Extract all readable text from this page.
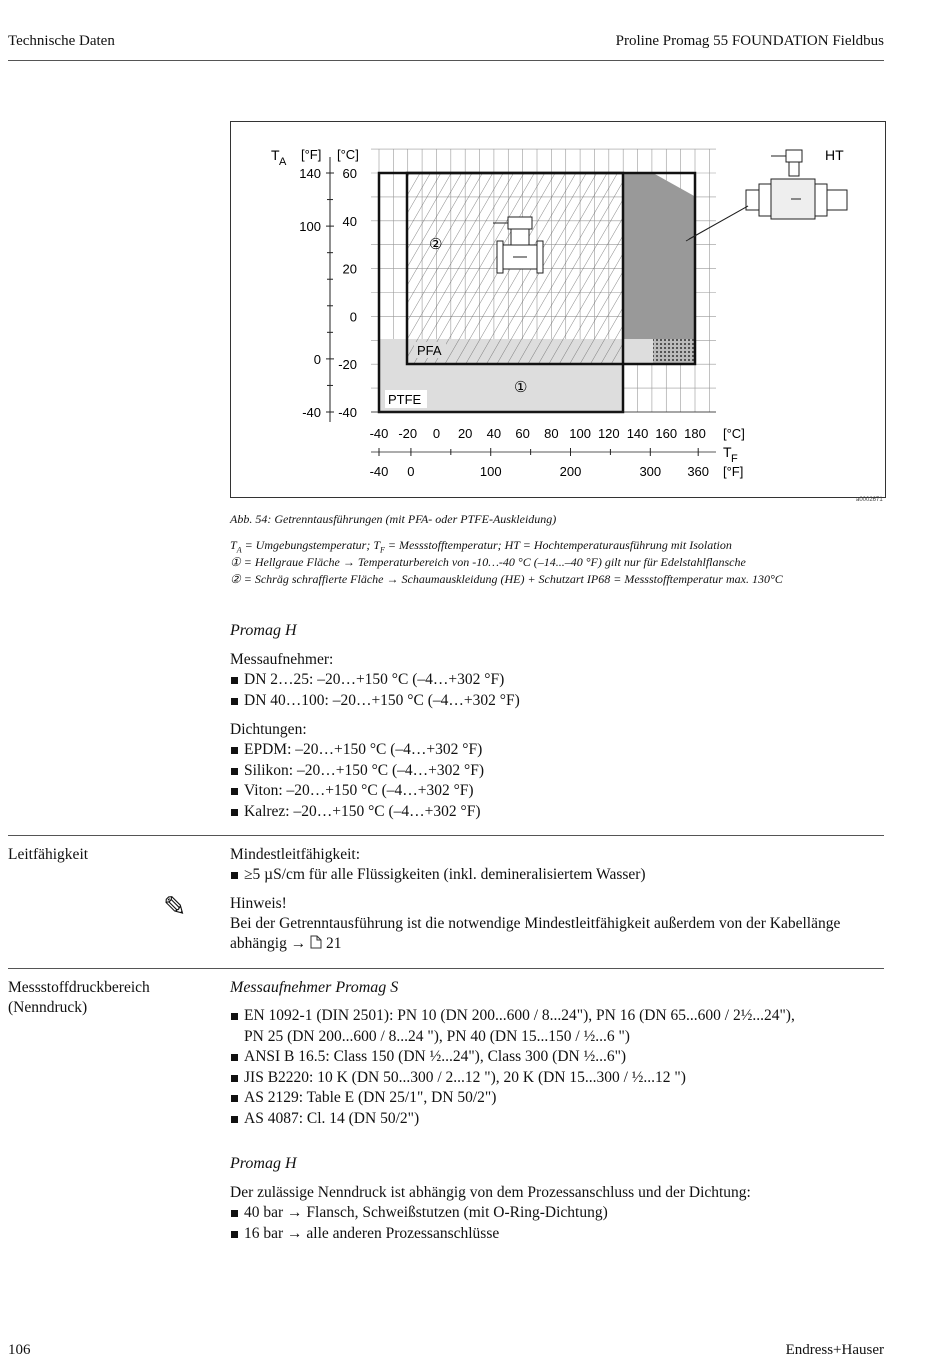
Technische Daten	Proline Promag 55 FOUNDATION Fieldbus
T A [°F] [°C]
140
100
0
-40
60
40
20
0
-20
-40
-40 -20 0 20 40 60 80 100 120 140 160 180
-40 0	100	200	300 360
[°C]
T F
[°F]
PFA
PTFE
②
①
HT
a0002671
Abb. 54: Getrenntausführungen (mit PFA- oder PTFE-Auskleidung)
$T_A$ = Umgebungstemperatur; $T_F$ = Messstofftemperatur; HT = Hochtemperaturausführung mit Isolation
① = Hellgraue Fläche → Temperaturbereich von -10…-40 °C (–14...–40 °F) gilt nur für Edelstahlflansche
② = Schräg schraffierte Fläche → Schaumauskleidung (HE) + Schutzart IP68 = Messstofftemperatur max. 130°C
Promag H
Messaufnehmer:
DN 2…25: –20…+150 °C (–4…+302 °F)
DN 40…100: –20…+150 °C (–4…+302 °F)
Dichtungen:
EPDM: –20…+150 °C (–4…+302 °F)
Silikon: –20…+150 °C (–4…+302 °F)
Viton: –20…+150 °C (–4…+302 °F)
Kalrez: –20…+150 °C (–4…+302 °F)
Leitfähigkeit	Mindestleitfähigkeit:
≥5 µS/cm für alle Flüssigkeiten (inkl. demineralisiertem Wasser)
✎	Hinweis!
Bei der Getrenntausführung ist die notwendige Mindestleitfähigkeit außerdem von der Kabellänge
abhängig →  21
Messstoffdruckbereich
(Nenndruck)
Messaufnehmer Promag S
EN 1092-1 (DIN 2501): PN 10 (DN 200...600 / 8...24"), PN 16 (DN 65...600 / 2½...24"),
PN 25 (DN 200...600 / 8...24 "), PN 40 (DN 15...150 / ½...6 ")
ANSI B 16.5: Class 150 (DN ½...24"), Class 300 (DN ½...6")
JIS B2220: 10 K (DN 50...300 / 2...12 "), 20 K (DN 15...300 / ½...12 ")
AS 2129: Table E (DN 25/1", DN 50/2")
AS 4087: Cl. 14 (DN 50/2")
Promag H
Der zulässige Nenndruck ist abhängig von dem Prozessanschluss und der Dichtung:
40 bar → Flansch, Schweißstutzen (mit O-Ring-Dichtung)
16 bar → alle anderen Prozessanschlüsse
106	Endress+Hauser
